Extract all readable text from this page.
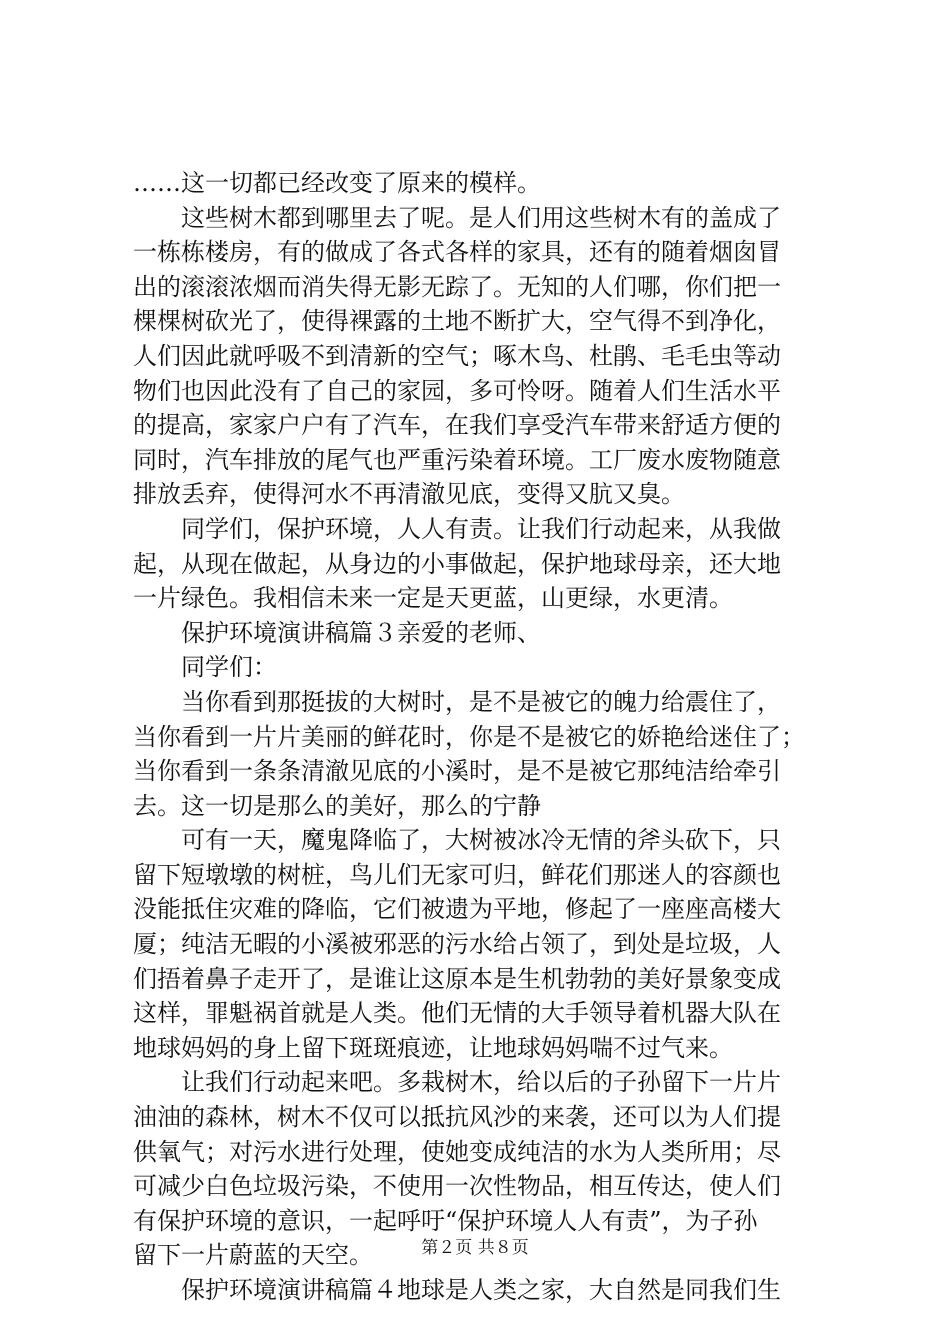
……这一切都已经改变了原来的模样。
　　这些树木都到哪里去了呢。是人们用这些树木有的盖成了
一栋栋楼房，有的做成了各式各样的家具，还有的随着烟囱冒
出的滚滚浓烟而消失得无影无踪了。无知的人们哪，你们把一
棵棵树砍光了，使得裸露的土地不断扩大，空气得不到净化，
人们因此就呼吸不到清新的空气；啄木鸟、杜鹃、毛毛虫等动
物们也因此没有了自己的家园，多可怜呀。随着人们生活水平
的提高，家家户户有了汽车，在我们享受汽车带来舒适方便的
同时，汽车排放的尾气也严重污染着环境。工厂废水废物随意
排放丢弃，使得河水不再清澈见底，变得又肮又臭。
　　同学们，保护环境，人人有责。让我们行动起来，从我做
起，从现在做起，从身边的小事做起，保护地球母亲，还大地
一片绿色。我相信未来一定是天更蓝，山更绿，水更清。
　　保护环境演讲稿篇３亲爱的老师、
　　同学们：
　　当你看到那挺拔的大树时，是不是被它的魄力给震住了，
当你看到一片片美丽的鲜花时，你是不是被它的娇艳给迷住了；
当你看到一条条清澈见底的小溪时，是不是被它那纯洁给牵引
去。这一切是那么的美好，那么的宁静
　　可有一天，魔鬼降临了，大树被冰冷无情的斧头砍下，只
留下短墩墩的树桩，鸟儿们无家可归，鲜花们那迷人的容颜也
没能抵住灾难的降临，它们被遗为平地，修起了一座座高楼大
厦；纯洁无暇的小溪被邪恶的污水给占领了，到处是垃圾，人
们捂着鼻子走开了，是谁让这原本是生机勃勃的美好景象变成
这样，罪魁祸首就是人类。他们无情的大手领导着机器大队在
地球妈妈的身上留下斑斑痕迹，让地球妈妈喘不过气来。
　　让我们行动起来吧。多栽树木，给以后的子孙留下一片片
油油的森林，树木不仅可以抵抗风沙的来袭，还可以为人们提
供氧气；对污水进行处理，使她变成纯洁的水为人类所用；尽
可减少白色垃圾污染，不使用一次性物品，相互传达，使人们
有保护环境的意识，一起呼吁“保护环境人人有责”，为子孙
留下一片蔚蓝的天空。
　　保护环境演讲稿篇４地球是人类之家，大自然是同我们生
第２页 共８页
